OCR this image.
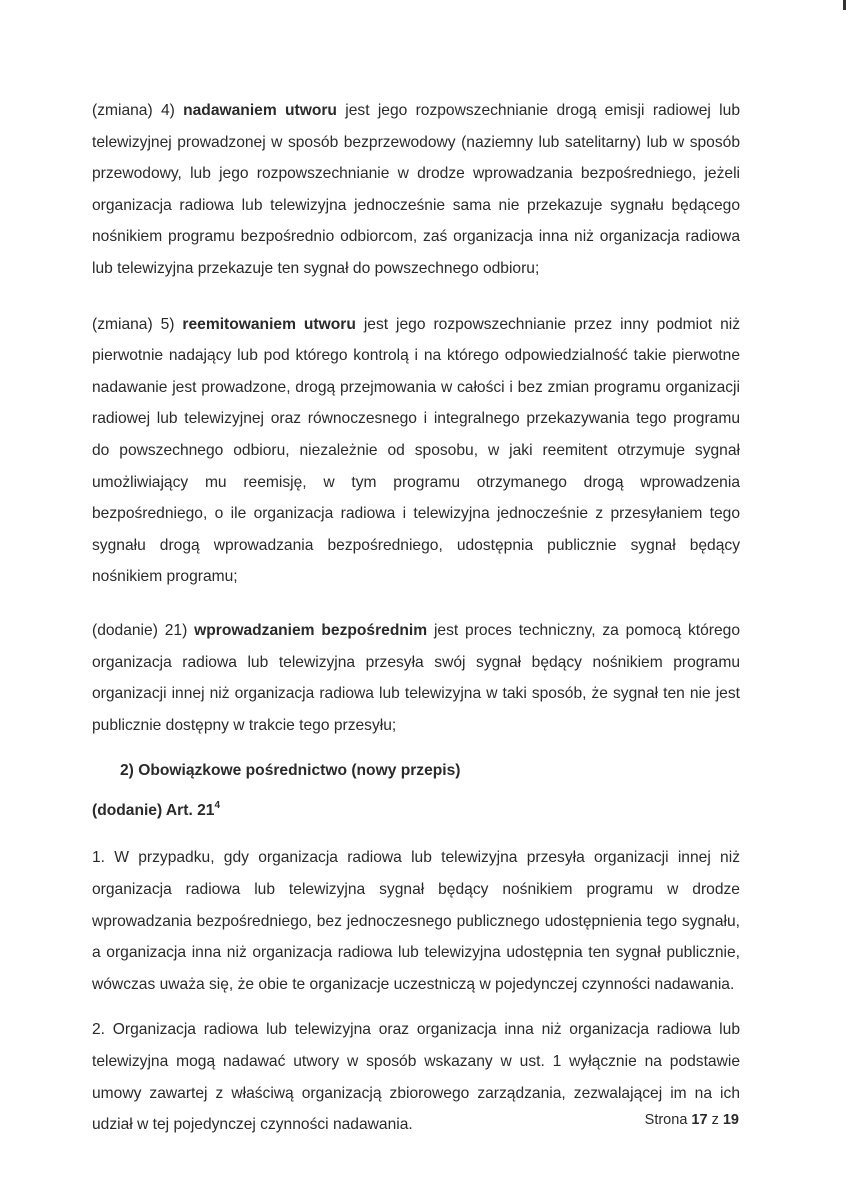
(zmiana) 4) nadawaniem utworu jest jego rozpowszechnianie drogą emisji radiowej lub telewizyjnej prowadzonej w sposób bezprzewodowy (naziemny lub satelitarny) lub w sposób przewodowy, lub jego rozpowszechnianie w drodze wprowadzania bezpośredniego, jeżeli organizacja radiowa lub telewizyjna jednocześnie sama nie przekazuje sygnału będącego nośnikiem programu bezpośrednio odbiorcom, zaś organizacja inna niż organizacja radiowa lub telewizyjna przekazuje ten sygnał do powszechnego odbioru;

(zmiana) 5) reemitowaniem utworu jest jego rozpowszechnianie przez inny podmiot niż pierwotnie nadający lub pod którego kontrolą i na którego odpowiedzialność takie pierwotne nadawanie jest prowadzone, drogą przejmowania w całości i bez zmian programu organizacji radiowej lub telewizyjnej oraz równoczesnego i integralnego przekazywania tego programu do powszechnego odbioru, niezależnie od sposobu, w jaki reemitent otrzymuje sygnał umożliwiający mu reemisję, w tym programu otrzymanego drogą wprowadzenia bezpośredniego, o ile organizacja radiowa i telewizyjna jednocześnie z przesyłaniem tego sygnału drogą wprowadzania bezpośredniego, udostępnia publicznie sygnał będący nośnikiem programu;

(dodanie) 21) wprowadzaniem bezpośrednim jest proces techniczny, za pomocą którego organizacja radiowa lub telewizyjna przesyła swój sygnał będący nośnikiem programu organizacji innej niż organizacja radiowa lub telewizyjna w taki sposób, że sygnał ten nie jest publicznie dostępny w trakcie tego przesyłu;

2) Obowiązkowe pośrednictwo (nowy przepis)

(dodanie) Art. $21^4$

1. W przypadku, gdy organizacja radiowa lub telewizyjna przesyła organizacji innej niż organizacja radiowa lub telewizyjna sygnał będący nośnikiem programu w drodze wprowadzania bezpośredniego, bez jednoczesnego publicznego udostępnienia tego sygnału, a organizacja inna niż organizacja radiowa lub telewizyjna udostępnia ten sygnał publicznie, wówczas uważa się, że obie te organizacje uczestniczą w pojedynczej czynności nadawania.

2. Organizacja radiowa lub telewizyjna oraz organizacja inna niż organizacja radiowa lub telewizyjna mogą nadawać utwory w sposób wskazany w ust. 1 wyłącznie na podstawie umowy zawartej z właściwą organizacją zbiorowego zarządzania, zezwalającej im na ich udział w tej pojedynczej czynności nadawania.	Strona 17 z 19
